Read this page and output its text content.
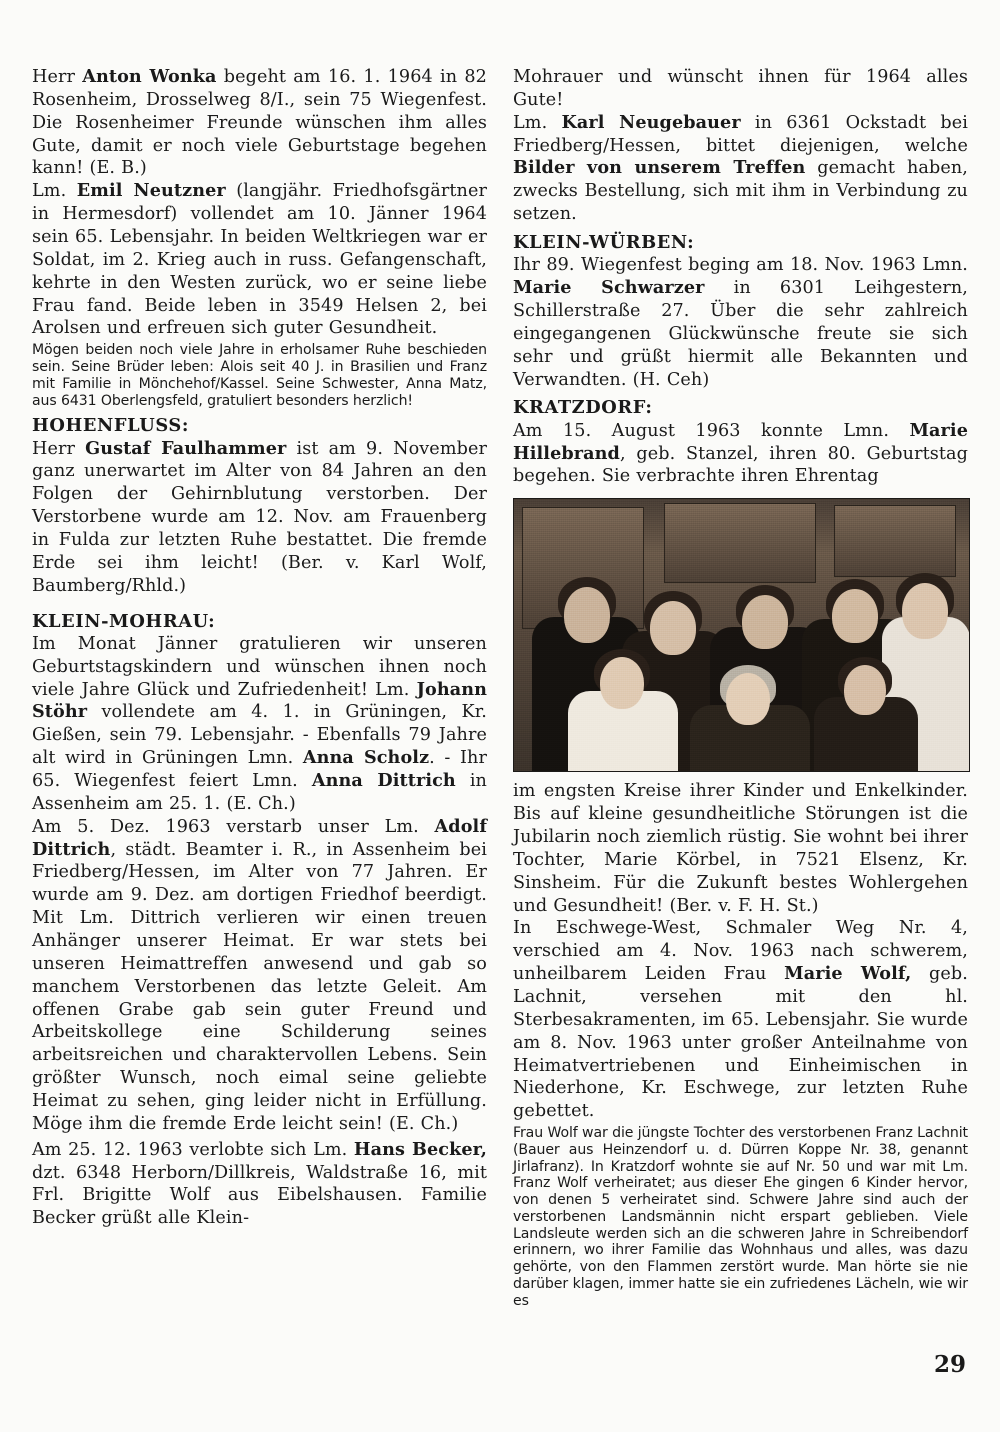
Herr Anton Wonka begeht am 16. 1. 1964 in 82 Rosenheim, Drosselweg 8/I., sein 75 Wiegenfest. Die Rosenheimer Freunde wünschen ihm alles Gute, damit er noch viele Geburtstage begehen kann! (E. B.)

Lm. Emil Neutzner (langjähr. Friedhofsgärtner in Hermesdorf) vollendet am 10. Jänner 1964 sein 65. Lebensjahr. In beiden Weltkriegen war er Soldat, im 2. Krieg auch in russ. Gefangenschaft, kehrte in den Westen zurück, wo er seine liebe Frau fand. Beide leben in 3549 Helsen 2, bei Arolsen und erfreuen sich guter Gesundheit.

Mögen beiden noch viele Jahre in erholsamer Ruhe beschieden sein. Seine Brüder leben: Alois seit 40 J. in Brasilien und Franz mit Familie in Mönchehof/Kassel. Seine Schwester, Anna Matz, aus 6431 Oberlengsfeld, gratuliert besonders herzlich!

HOHENFLUSS:

Herr Gustaf Faulhammer ist am 9. November ganz unerwartet im Alter von 84 Jahren an den Folgen der Gehirnblutung verstorben. Der Verstorbene wurde am 12. Nov. am Frauenberg in Fulda zur letzten Ruhe bestattet. Die fremde Erde sei ihm leicht! (Ber. v. Karl Wolf, Baumberg/Rhld.)

KLEIN-MOHRAU:

Im Monat Jänner gratulieren wir unseren Geburtstagskindern und wünschen ihnen noch viele Jahre Glück und Zufriedenheit! Lm. Johann Stöhr vollendete am 4. 1. in Grüningen, Kr. Gießen, sein 79. Lebensjahr. - Ebenfalls 79 Jahre alt wird in Grüningen Lmn. Anna Scholz. - Ihr 65. Wiegenfest feiert Lmn. Anna Dittrich in Assenheim am 25. 1. (E. Ch.)

Am 5. Dez. 1963 verstarb unser Lm. Adolf Dittrich, städt. Beamter i. R., in Assenheim bei Friedberg/Hessen, im Alter von 77 Jahren. Er wurde am 9. Dez. am dortigen Friedhof beerdigt. Mit Lm. Dittrich verlieren wir einen treuen Anhänger unserer Heimat. Er war stets bei unseren Heimattreffen anwesend und gab so manchem Verstorbenen das letzte Geleit. Am offenen Grabe gab sein guter Freund und Arbeitskollege eine Schilderung seines arbeitsreichen und charaktervollen Lebens. Sein größter Wunsch, noch eimal seine geliebte Heimat zu sehen, ging leider nicht in Erfüllung. Möge ihm die fremde Erde leicht sein! (E. Ch.)

Am 25. 12. 1963 verlobte sich Lm. Hans Becker, dzt. 6348 Herborn/Dillkreis, Waldstraße 16, mit Frl. Brigitte Wolf aus Eibelshausen. Familie Becker grüßt alle Klein-

Mohrauer und wünscht ihnen für 1964 alles Gute!

Lm. Karl Neugebauer in 6361 Ockstadt bei Friedberg/Hessen, bittet diejenigen, welche Bilder von unserem Treffen gemacht haben, zwecks Bestellung, sich mit ihm in Verbindung zu setzen.

KLEIN-WÜRBEN:

Ihr 89. Wiegenfest beging am 18. Nov. 1963 Lmn. Marie Schwarzer in 6301 Leihgestern, Schillerstraße 27. Über die sehr zahlreich eingegangenen Glückwünsche freute sie sich sehr und grüßt hiermit alle Bekannten und Verwandten. (H. Ceh)

KRATZDORF:

Am 15. August 1963 konnte Lmn. Marie Hillebrand, geb. Stanzel, ihren 80. Geburtstag begehen. Sie verbrachte ihren Ehrentag

im engsten Kreise ihrer Kinder und Enkelkinder. Bis auf kleine gesundheitliche Störungen ist die Jubilarin noch ziemlich rüstig. Sie wohnt bei ihrer Tochter, Marie Körbel, in 7521 Elsenz, Kr. Sinsheim. Für die Zukunft bestes Wohlergehen und Gesundheit! (Ber. v. F. H. St.)

In Eschwege-West, Schmaler Weg Nr. 4, verschied am 4. Nov. 1963 nach schwerem, unheilbarem Leiden Frau Marie Wolf, geb. Lachnit, versehen mit den hl. Sterbesakramenten, im 65. Lebensjahr. Sie wurde am 8. Nov. 1963 unter großer Anteilnahme von Heimatvertriebenen und Einheimischen in Niederhone, Kr. Eschwege, zur letzten Ruhe gebettet.

Frau Wolf war die jüngste Tochter des verstorbenen Franz Lachnit (Bauer aus Heinzendorf u. d. Dürren Koppe Nr. 38, genannt Jirlafranz). In Kratzdorf wohnte sie auf Nr. 50 und war mit Lm. Franz Wolf verheiratet; aus dieser Ehe gingen 6 Kinder hervor, von denen 5 verheiratet sind. Schwere Jahre sind auch der verstorbenen Landsmännin nicht erspart geblieben. Viele Landsleute werden sich an die schweren Jahre in Schreibendorf erinnern, wo ihrer Familie das Wohnhaus und alles, was dazu gehörte, von den Flammen zerstört wurde. Man hörte sie nie darüber klagen, immer hatte sie ein zufriedenes Lächeln, wie wir es

29
